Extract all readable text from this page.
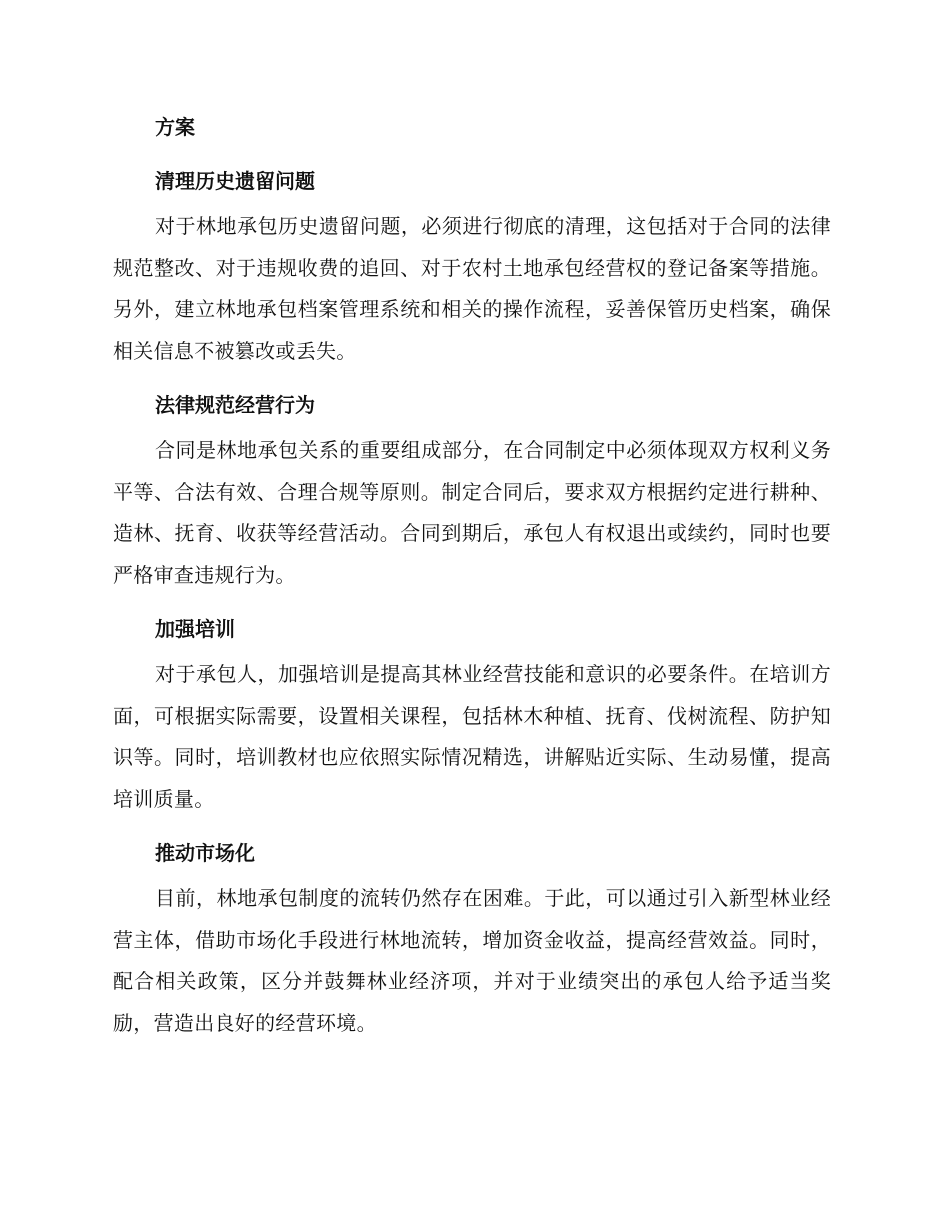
方案
清理历史遗留问题

对于林地承包历史遗留问题，必须进行彻底的清理，这包括对于合同的法律规范整改、对于违规收费的追回、对于农村土地承包经营权的登记备案等措施。另外，建立林地承包档案管理系统和相关的操作流程，妥善保管历史档案，确保相关信息不被篡改或丢失。

法律规范经营行为

合同是林地承包关系的重要组成部分，在合同制定中必须体现双方权利义务平等、合法有效、合理合规等原则。制定合同后，要求双方根据约定进行耕种、造林、抚育、收获等经营活动。合同到期后，承包人有权退出或续约，同时也要严格审查违规行为。

加强培训

对于承包人，加强培训是提高其林业经营技能和意识的必要条件。在培训方面，可根据实际需要，设置相关课程，包括林木种植、抚育、伐树流程、防护知识等。同时，培训教材也应依照实际情况精选，讲解贴近实际、生动易懂，提高培训质量。

推动市场化

目前，林地承包制度的流转仍然存在困难。于此，可以通过引入新型林业经营主体，借助市场化手段进行林地流转，增加资金收益，提高经营效益。同时，配合相关政策，区分并鼓舞林业经济项，并对于业绩突出的承包人给予适当奖励，营造出良好的经营环境。
